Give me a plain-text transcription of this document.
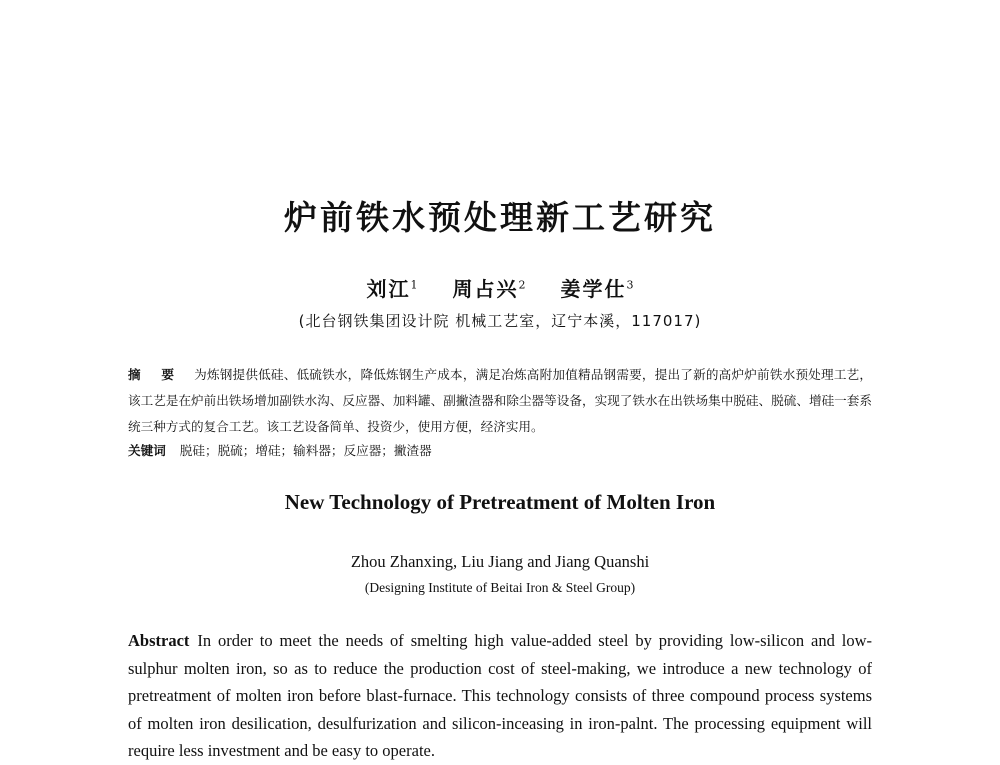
炉前铁水预处理新工艺研究
刘江$^1$ 周占兴$^2$ 姜学仕$^3$
(北台钢铁集团设计院 机械工艺室，辽宁本溪，117017)
摘 要 为炼钢提供低硅、低硫铁水，降低炼钢生产成本，满足冶炼高附加值精品钢需要，提出了新的高炉炉前铁水预处理工艺，该工艺是在炉前出铁场增加副铁水沟、反应器、加料罐、副撇渣器和除尘器等设备，实现了铁水在出铁场集中脱硅、脱硫、增硅一套系统三种方式的复合工艺。该工艺设备简单、投资少，使用方便，经济实用。
关键词 脱硅；脱硫；增硅；输料器；反应器；撇渣器
New Technology of Pretreatment of Molten Iron
Zhou Zhanxing, Liu Jiang and Jiang Quanshi
(Designing Institute of Beitai Iron & Steel Group)
Abstract In order to meet the needs of smelting high value-added steel by providing low-silicon and low-sulphur molten iron, so as to reduce the production cost of steel-making, we introduce a new technology of pretreatment of molten iron before blast-furnace. This technology consists of three compound process systems of molten iron desilication, desulfurization and silicon-inceasing in iron-palnt. The processing equipment will require less investment and be easy to operate.
